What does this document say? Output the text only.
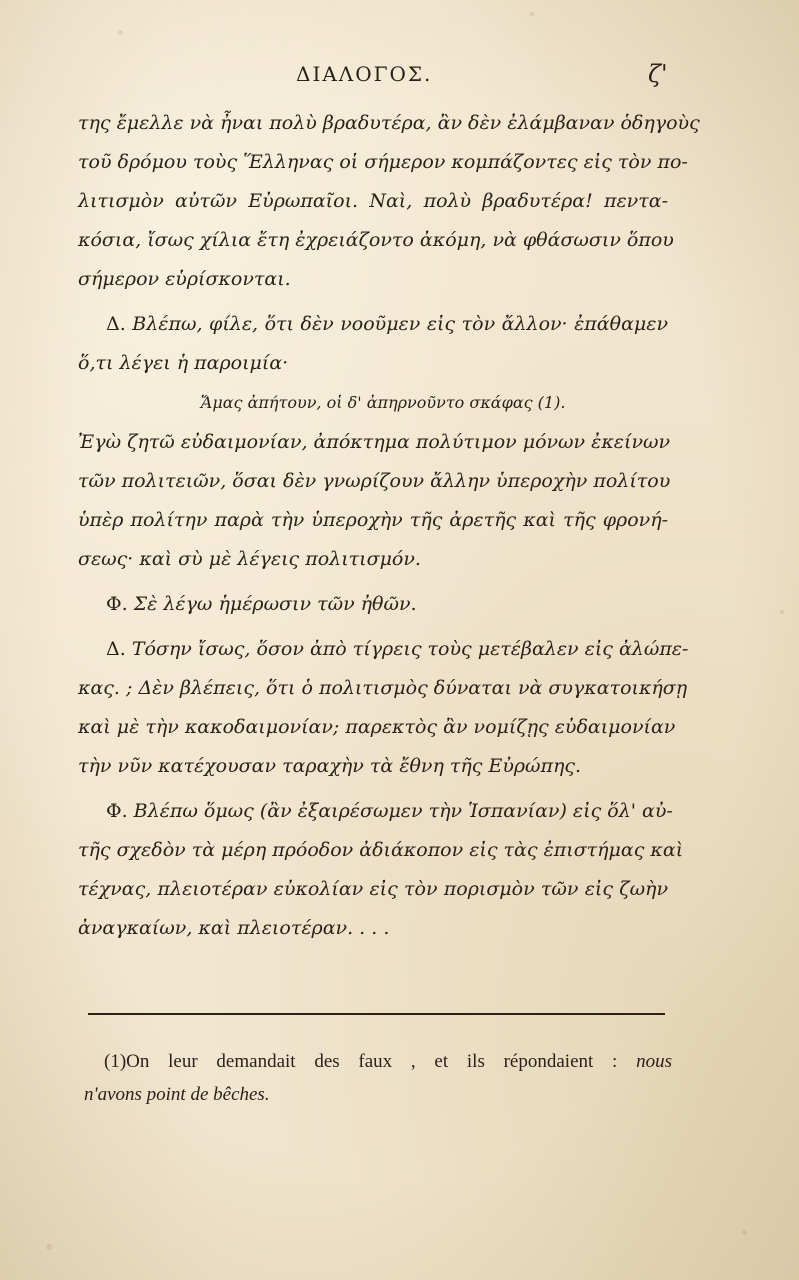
ΔΙΑΛΟΓΟΣ.	ζ'
της ἔμελλε νὰ ἦναι πολὺ βραδυτέρα, ἂν δὲν ἐλάμβαναν ὁδηγοὺς
τοῦ δρόμου τοὺς Ἕλληνας οἱ σήμερον κομπάζοντες εἰς τὸν πο-
λιτισμὸν αὐτῶν Εὐρωπαῖοι. Ναὶ, πολὺ βραδυτέρα! πεντα-
κόσια, ἴσως χίλια ἔτη ἐχρειάζοντο ἀκόμη, νὰ φθάσωσιν ὅπου
σήμερον εὑρίσκονται.
Δ. Βλέπω, φίλε, ὅτι δὲν νοοῦμεν εἰς τὸν ἄλλον· ἐπάθαμεν
ὅ,τι λέγει ἡ παροιμία·
Ἄμας ἀπήτουν, οἱ δ' ἀπηρνοῦντο σκάφας (1).
Ἐγὼ ζητῶ εὐδαιμονίαν, ἀπόκτημα πολύτιμον μόνων ἐκείνων
τῶν πολιτειῶν, ὅσαι δὲν γνωρίζουν ἄλλην ὑπεροχὴν πολίτου
ὑπὲρ πολίτην παρὰ τὴν ὑπεροχὴν τῆς ἀρετῆς καὶ τῆς φρονή-
σεως· καὶ σὺ μὲ λέγεις πολιτισμόν.
Φ. Σὲ λέγω ἡμέρωσιν τῶν ἠθῶν.
Δ. Τόσην ἴσως, ὅσον ἀπὸ τίγρεις τοὺς μετέβαλεν εἰς ἀλώπε-
κας. ; Δὲν βλέπεις, ὅτι ὁ πολιτισμὸς δύναται νὰ συγκατοικήσῃ
καὶ μὲ τὴν κακοδαιμονίαν; παρεκτὸς ἂν νομίζῃς εὐδαιμονίαν
τὴν νῦν κατέχουσαν ταραχὴν τὰ ἔθνη τῆς Εὐρώπης.
Φ. Βλέπω ὅμως (ἂν ἐξαιρέσωμεν τὴν Ἱσπανίαν) εἰς ὅλ' αὐ-
τῆς σχεδὸν τὰ μέρη πρόοδον ἀδιάκοπον εἰς τὰς ἐπιστήμας καὶ
τέχνας, πλειοτέραν εὐκολίαν εἰς τὸν πορισμὸν τῶν εἰς ζωὴν
ἀναγκαίων, καὶ πλειοτέραν. . . .
(1)On leur demandait des faux , et ils répondaient : nous
n'avons point de bêches.
